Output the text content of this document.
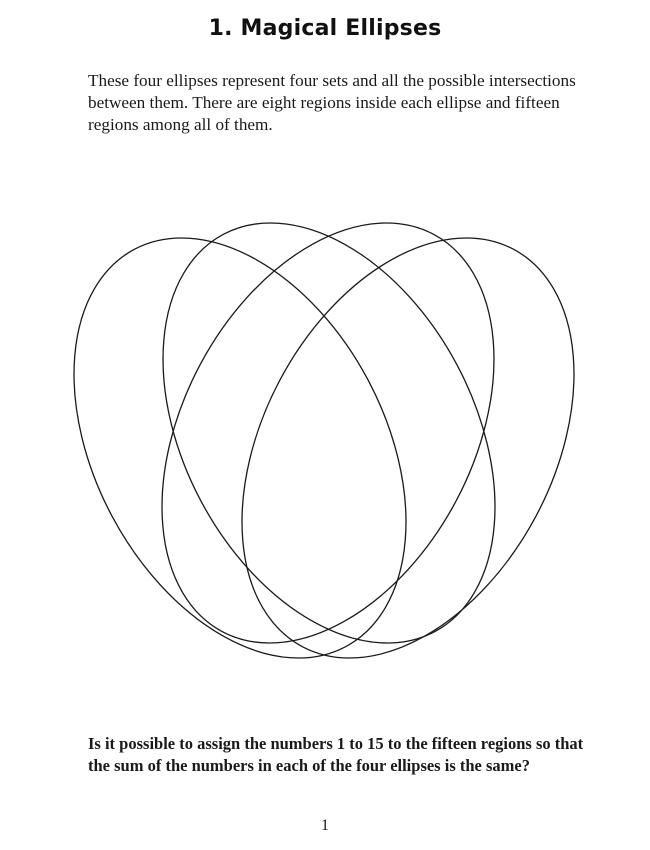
1. Magical Ellipses

These four ellipses represent four sets and all the possible intersections between them. There are eight regions inside each ellipse and fifteen regions among all of them.

Is it possible to assign the numbers 1 to 15 to the fifteen regions so that the sum of the numbers in each of the four ellipses is the same?

1
